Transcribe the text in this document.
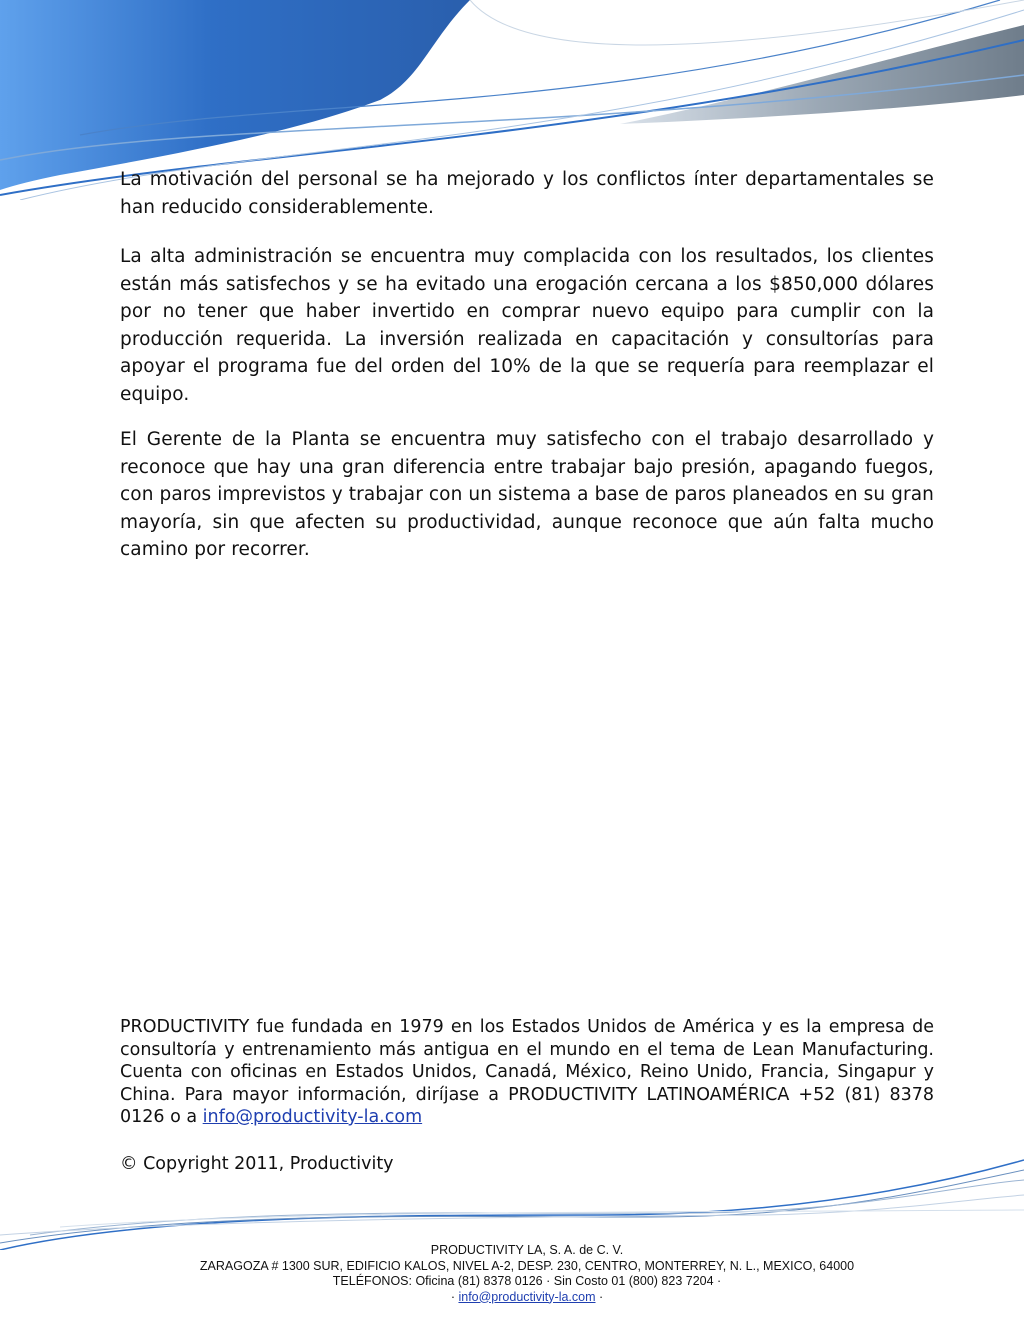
La motivación del personal se ha mejorado y los conflictos ínter departamentales se han reducido considerablemente.

La alta administración se encuentra muy complacida con los resultados, los clientes están más satisfechos y se ha evitado una erogación cercana a los $850,000 dólares por no tener que haber invertido en comprar nuevo equipo para cumplir con la producción requerida. La inversión realizada en capacitación y consultorías para apoyar el programa fue del orden del 10% de la que se requería para reemplazar el equipo.

El Gerente de la Planta se encuentra muy satisfecho con el trabajo desarrollado y reconoce que hay una gran diferencia entre trabajar bajo presión, apagando fuegos, con paros imprevistos y trabajar con un sistema a base de paros planeados en su gran mayoría, sin que afecten su productividad, aunque reconoce que aún falta mucho camino por recorrer.

PRODUCTIVITY fue fundada en 1979 en los Estados Unidos de América y es la empresa de consultoría y entrenamiento más antigua en el mundo en el tema de Lean Manufacturing. Cuenta con oficinas en Estados Unidos, Canadá, México, Reino Unido, Francia, Singapur y China. Para mayor información, diríjase a PRODUCTIVITY LATINOAMÉRICA +52 (81) 8378 0126 o a info@productivity-la.com
© Copyright 2011, Productivity
PRODUCTIVITY LA, S. A. de C. V.
ZARAGOZA # 1300 SUR, EDIFICIO KALOS, NIVEL A-2, DESP. 230, CENTRO, MONTERREY, N. L., MEXICO, 64000
TELÉFONOS: Oficina (81) 8378 0126 · Sin Costo 01 (800) 823 7204 ·
· info@productivity-la.com ·
